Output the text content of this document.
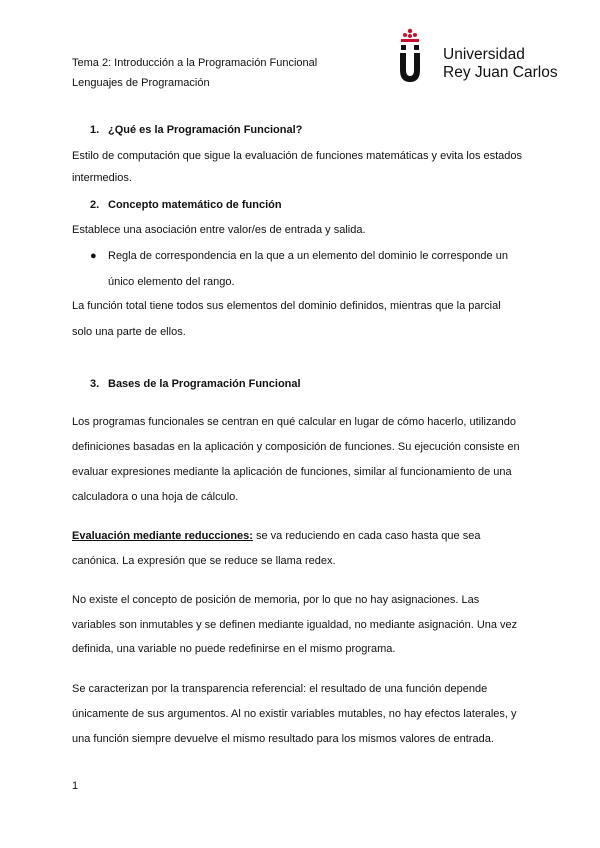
Tema 2: Introducción a la Programación Funcional
Lenguajes de Programación
Universidad
Rey Juan Carlos
1. ¿Qué es la Programación Funcional?
Estilo de computación que sigue la evaluación de funciones matemáticas y evita los estados
intermedios.
2. Concepto matemático de función
Establece una asociación entre valor/es de entrada y salida.
● Regla de correspondencia en la que a un elemento del dominio le corresponde un
único elemento del rango.
La función total tiene todos sus elementos del dominio definidos, mientras que la parcial
solo una parte de ellos.
3. Bases de la Programación Funcional
Los programas funcionales se centran en qué calcular en lugar de cómo hacerlo, utilizando
definiciones basadas en la aplicación y composición de funciones. Su ejecución consiste en
evaluar expresiones mediante la aplicación de funciones, similar al funcionamiento de una
calculadora o una hoja de cálculo.
Evaluación mediante reducciones: se va reduciendo en cada caso hasta que sea
canónica. La expresión que se reduce se llama redex.
No existe el concepto de posición de memoria, por lo que no hay asignaciones. Las
variables son inmutables y se definen mediante igualdad, no mediante asignación. Una vez
definida, una variable no puede redefinirse en el mismo programa.
Se caracterizan por la transparencia referencial: el resultado de una función depende
únicamente de sus argumentos. Al no existir variables mutables, no hay efectos laterales, y
una función siempre devuelve el mismo resultado para los mismos valores de entrada.
1
